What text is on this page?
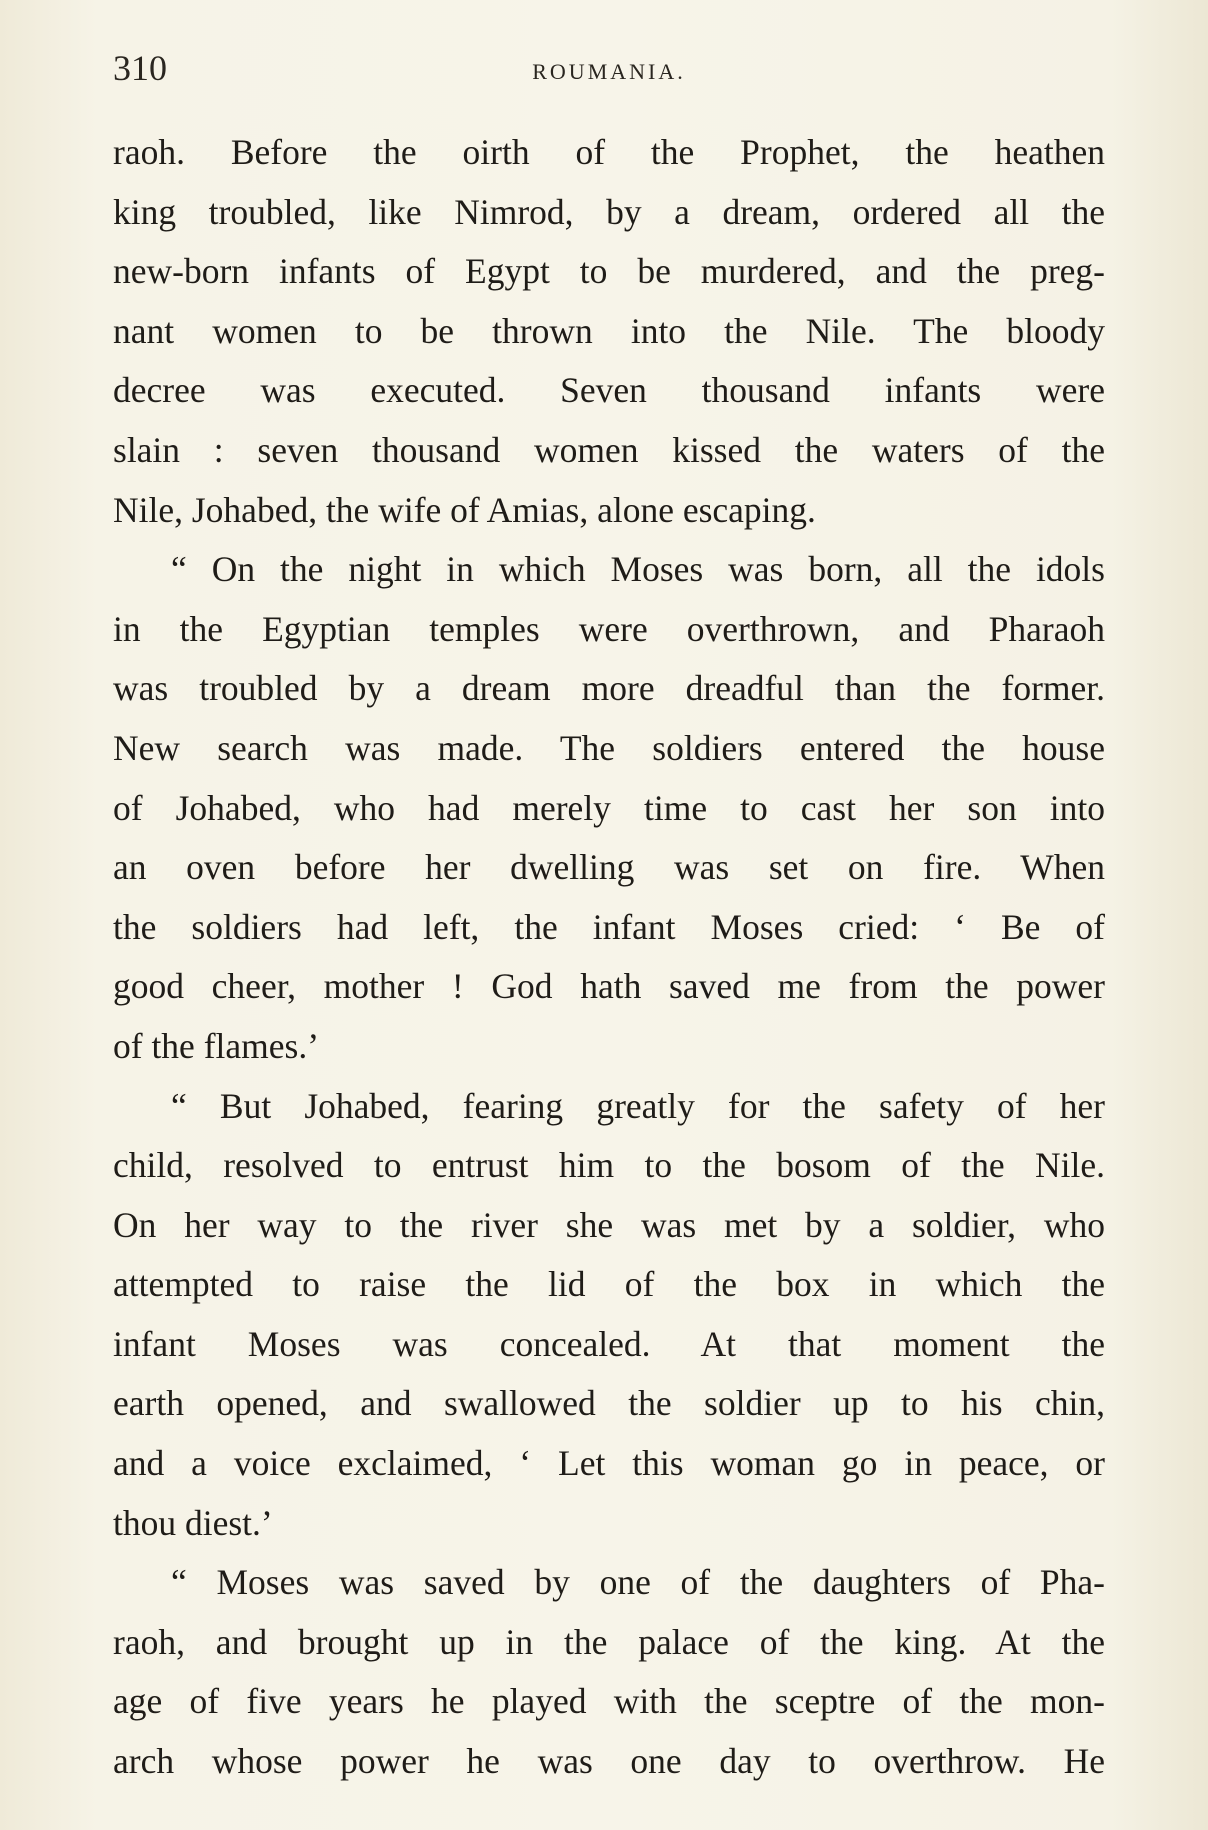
310	ROUMANIA.
raoh. Before the oirth of the Prophet, the heathen
king troubled, like Nimrod, by a dream, ordered all the
new-born infants of Egypt to be murdered, and the preg-
nant women to be thrown into the Nile. The bloody
decree was executed. Seven thousand infants were
slain : seven thousand women kissed the waters of the
Nile, Johabed, the wife of Amias, alone escaping.
“ On the night in which Moses was born, all the idols
in the Egyptian temples were overthrown, and Pharaoh
was troubled by a dream more dreadful than the former.
New search was made. The soldiers entered the house
of Johabed, who had merely time to cast her son into
an oven before her dwelling was set on fire. When
the soldiers had left, the infant Moses cried: ‘ Be of
good cheer, mother ! God hath saved me from the power
of the flames.’
“ But Johabed, fearing greatly for the safety of her
child, resolved to entrust him to the bosom of the Nile.
On her way to the river she was met by a soldier, who
attempted to raise the lid of the box in which the
infant Moses was concealed. At that moment the
earth opened, and swallowed the soldier up to his chin,
and a voice exclaimed, ‘ Let this woman go in peace, or
thou diest.’
“ Moses was saved by one of the daughters of Pha-
raoh, and brought up in the palace of the king. At the
age of five years he played with the sceptre of the mon-
arch whose power he was one day to overthrow. He
